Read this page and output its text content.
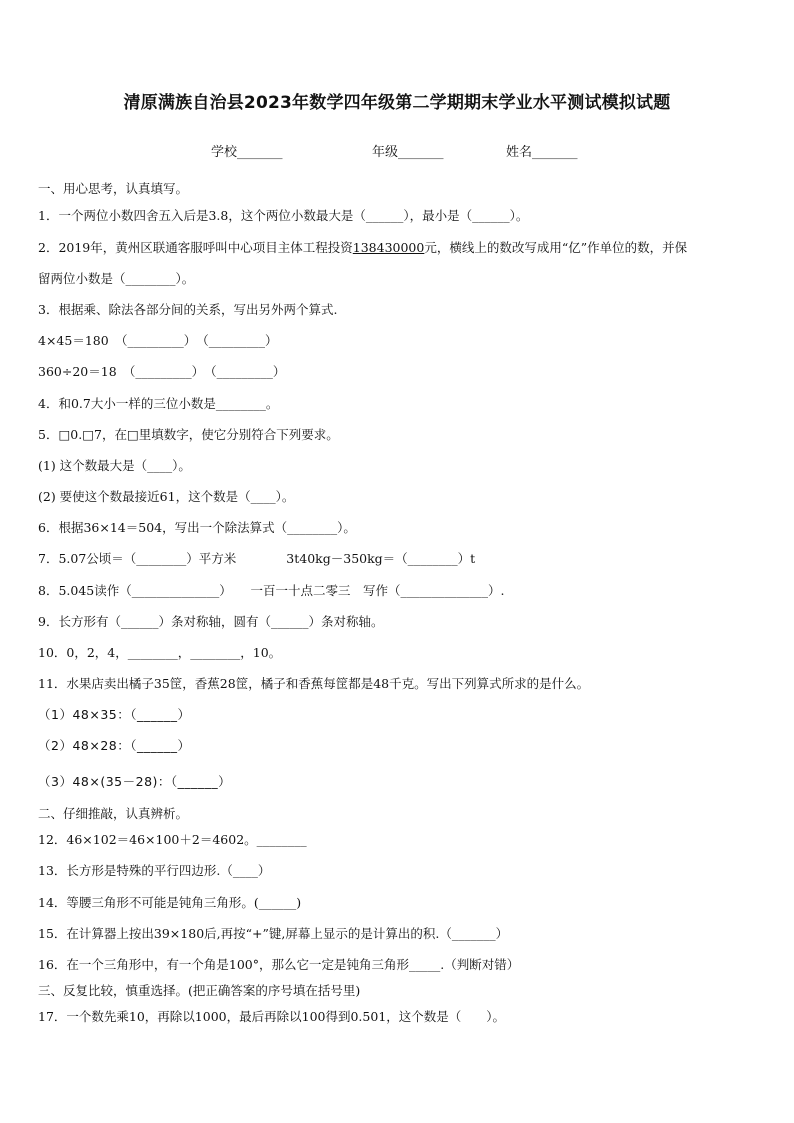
清原满族自治县2023年数学四年级第二学期期末学业水平测试模拟试题
学校_______	年级_______	姓名_______
一、用心思考，认真填写。
1．一个两位小数四舍五入后是3.8，这个两位小数最大是（______），最小是（______）。
2．2019年，黄州区联通客服呼叫中心项目主体工程投资138430000元，横线上的数改写成用“亿”作单位的数，并保
留两位小数是（________）。
3．根据乘、除法各部分间的关系，写出另外两个算式.
4×45＝180　（_________）　（_________）
360÷20＝18　（_________）　（_________）
4．和0.7大小一样的三位小数是________。
5．□0.□7，在□里填数字，使它分别符合下列要求。
(1) 这个数最大是（____）。
(2) 要使这个数最接近61，这个数是（____）。
6．根据36×14＝504，写出一个除法算式（________）。
7．5.07公顷＝（________）平方米　　　　3t40kg－350kg＝（________）t
8．5.045读作（______________）　　一百一十点二零三　写作（______________）.
9．长方形有（______）条对称轴，圆有（______）条对称轴。
10．0，2，4，________，________，10。
11．水果店卖出橘子35筐，香蕉28筐，橘子和香蕉每筐都是48千克。写出下列算式所求的是什么。
（1）48×35：（______）
（2）48×28：（______）
（3）48×(35－28)：（______）
二、仔细推敲，认真辨析。
12．46×102＝46×100＋2＝4602。________
13．长方形是特殊的平行四边形.（____）
14．等腰三角形不可能是钝角三角形。(______)
15．在计算器上按出39×180后,再按“+”键,屏幕上显示的是计算出的积.（_______）
16．在一个三角形中，有一个角是100°，那么它一定是钝角三角形_____.（判断对错）
三、反复比较，慎重选择。(把正确答案的序号填在括号里)
17．一个数先乘10，再除以1000，最后再除以100得到0.501，这个数是（　　）。
